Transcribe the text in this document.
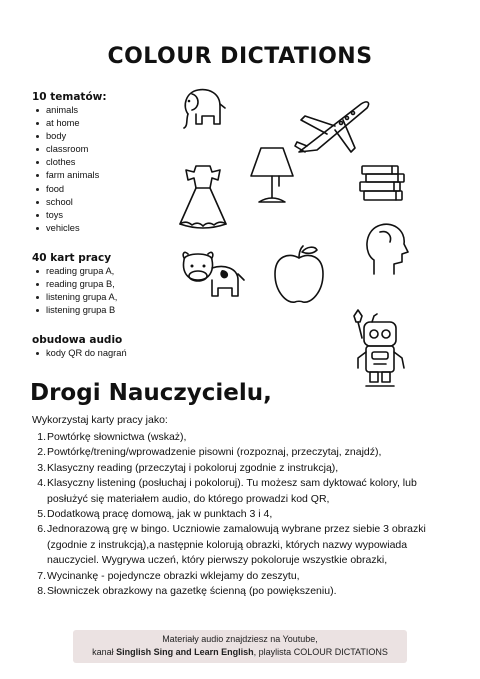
COLOUR DICTATIONS
10 tematów:
animals
at home
body
classroom
clothes
farm animals
food
school
toys
vehicles
40 kart pracy
reading grupa A,
reading grupa B,
listening grupa A,
listening grupa B
obudowa audio
kody QR do nagrań
Drogi Nauczycielu,
Wykorzystaj karty pracy jako:
1. Powtórkę słownictwa (wskaż),
2. Powtórkę/trening/wprowadzenie pisowni (rozpoznaj, przeczytaj, znajdź),
3. Klasyczny reading (przeczytaj i pokoloruj zgodnie z instrukcją),
4. Klasyczny listening (posłuchaj i pokoloruj). Tu możesz sam dyktować kolory, lub posłużyć się materiałem audio, do którego prowadzi kod QR,
5. Dodatkową pracę domową, jak w punktach 3 i 4,
6. Jednorazową grę w bingo. Uczniowie zamalowują wybrane przez siebie 3 obrazki (zgodnie z instrukcją),a następnie kolorują obrazki, których nazwy wypowiada nauczyciel. Wygrywa uczeń, który pierwszy pokoloruje wszystkie obrazki,
7. Wycinankę - pojedyncze obrazki wklejamy do zeszytu,
8. Słowniczek obrazkowy na gazetkę ścienną (po powiększeniu).
Materiały audio znajdziesz na Youtube,
kanał Singlish Sing and Learn English, playlista COLOUR DICTATIONS
